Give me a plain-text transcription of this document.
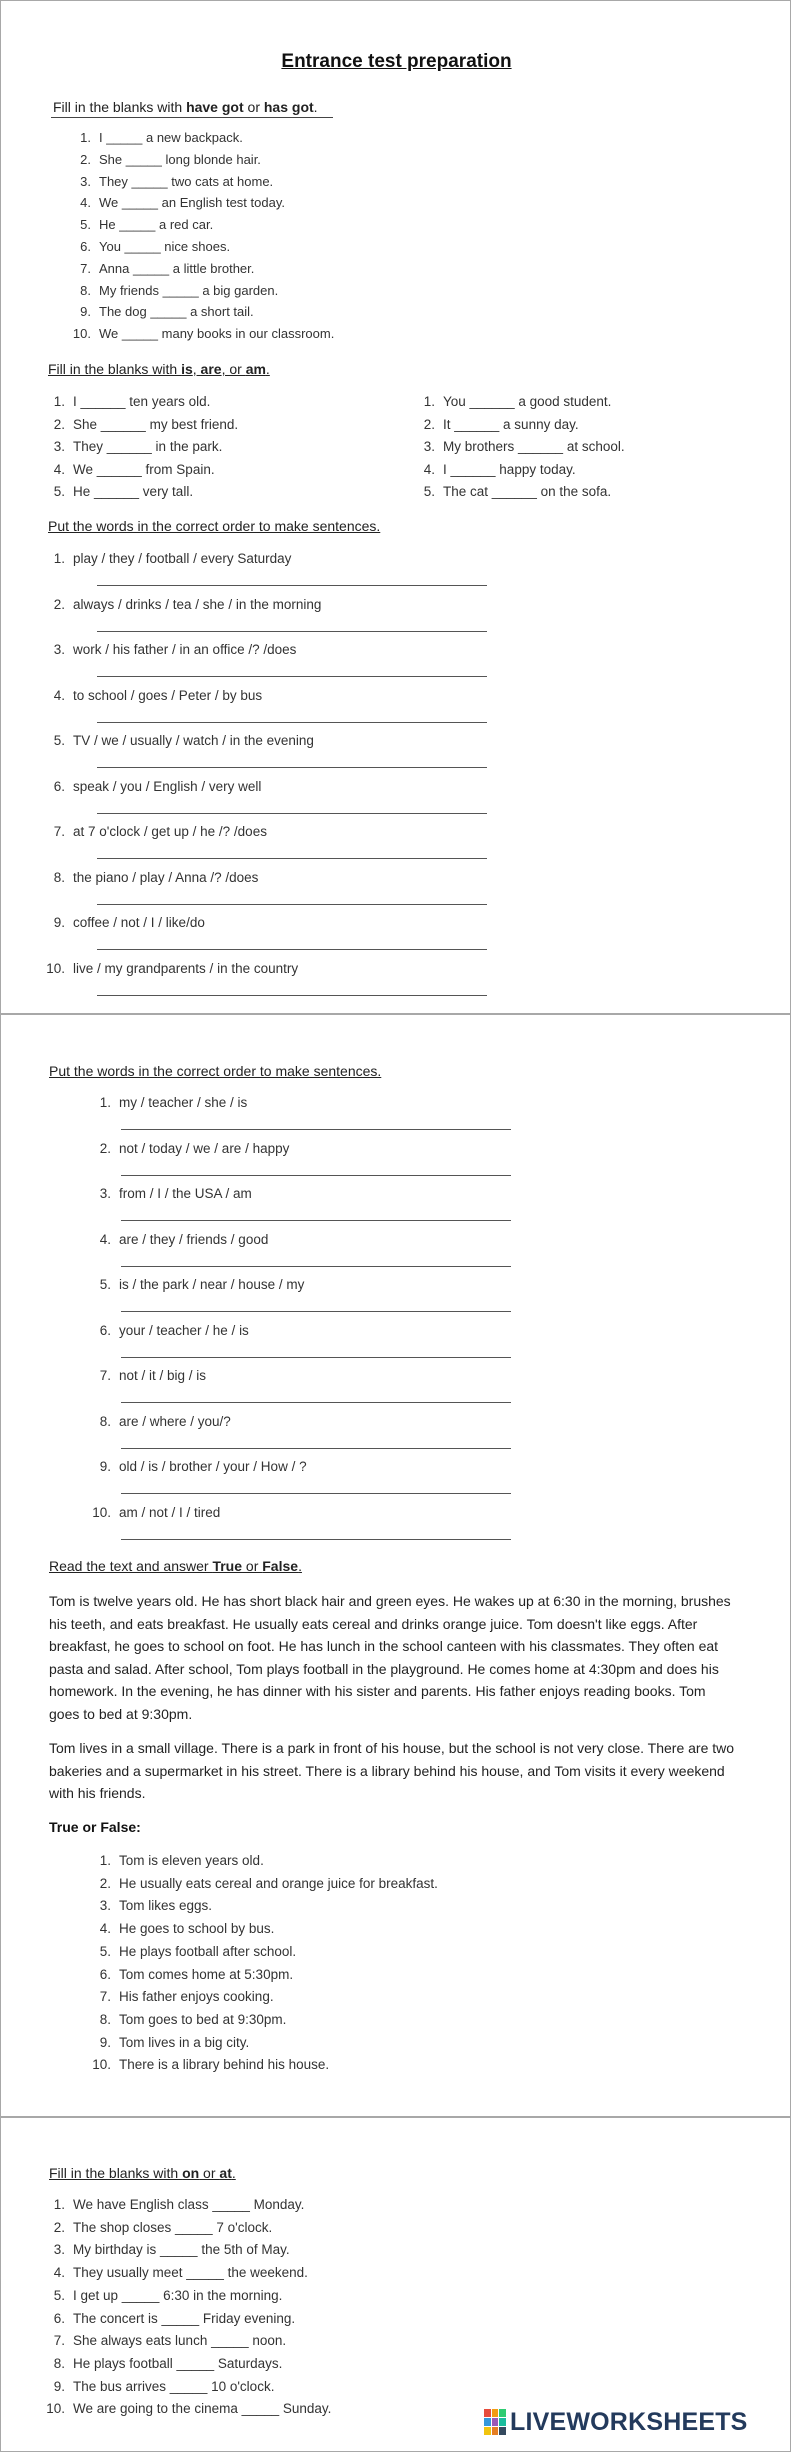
Entrance test preparation
Fill in the blanks with have got or has got.
1. I _____ a new backpack.
2. She _____ long blonde hair.
3. They _____ two cats at home.
4. We _____ an English test today.
5. He _____ a red car.
6. You _____ nice shoes.
7. Anna _____ a little brother.
8. My friends _____ a big garden.
9. The dog _____ a short tail.
10. We _____ many books in our classroom.
Fill in the blanks with is, are, or am.
1. I ______ ten years old.
2. She ______ my best friend.
3. They ______ in the park.
4. We ______ from Spain.
5. He ______ very tall.
1. You ______ a good student.
2. It ______ a sunny day.
3. My brothers ______ at school.
4. I ______ happy today.
5. The cat ______ on the sofa.
Put the words in the correct order to make sentences.
1. play / they / football / every Saturday
2. always / drinks / tea / she / in the morning
3. work / his father / in an office /? /does
4. to school / goes / Peter / by bus
5. TV / we / usually / watch / in the evening
6. speak / you / English / very well
7. at 7 o'clock / get up / he /? /does
8. the piano / play / Anna /? /does
9. coffee / not / I / like/do
10. live / my grandparents / in the country
Put the words in the correct order to make sentences.
1. my / teacher / she / is
2. not / today / we / are / happy
3. from / I / the USA / am
4. are / they / friends / good
5. is / the park / near / house / my
6. your / teacher / he / is
7. not / it / big / is
8. are / where / you/?
9. old / is / brother / your / How / ?
10. am / not / I / tired
Read the text and answer True or False.
Tom is twelve years old. He has short black hair and green eyes. He wakes up at 6:30 in the morning, brushes his teeth, and eats breakfast. He usually eats cereal and drinks orange juice. Tom doesn't like eggs. After breakfast, he goes to school on foot. He has lunch in the school canteen with his classmates. They often eat pasta and salad. After school, Tom plays football in the playground. He comes home at 4:30pm and does his homework. In the evening, he has dinner with his sister and parents. His father enjoys reading books. Tom goes to bed at 9:30pm.
Tom lives in a small village. There is a park in front of his house, but the school is not very close. There are two bakeries and a supermarket in his street. There is a library behind his house, and Tom visits it every weekend with his friends.
True or False:
1. Tom is eleven years old.
2. He usually eats cereal and orange juice for breakfast.
3. Tom likes eggs.
4. He goes to school by bus.
5. He plays football after school.
6. Tom comes home at 5:30pm.
7. His father enjoys cooking.
8. Tom goes to bed at 9:30pm.
9. Tom lives in a big city.
10. There is a library behind his house.
Fill in the blanks with on or at.
1. We have English class _____ Monday.
2. The shop closes _____ 7 o'clock.
3. My birthday is _____ the 5th of May.
4. They usually meet _____ the weekend.
5. I get up _____ 6:30 in the morning.
6. The concert is _____ Friday evening.
7. She always eats lunch _____ noon.
8. He plays football _____ Saturdays.
9. The bus arrives _____ 10 o'clock.
10. We are going to the cinema _____ Sunday.	LIVEWORKSHEETS
